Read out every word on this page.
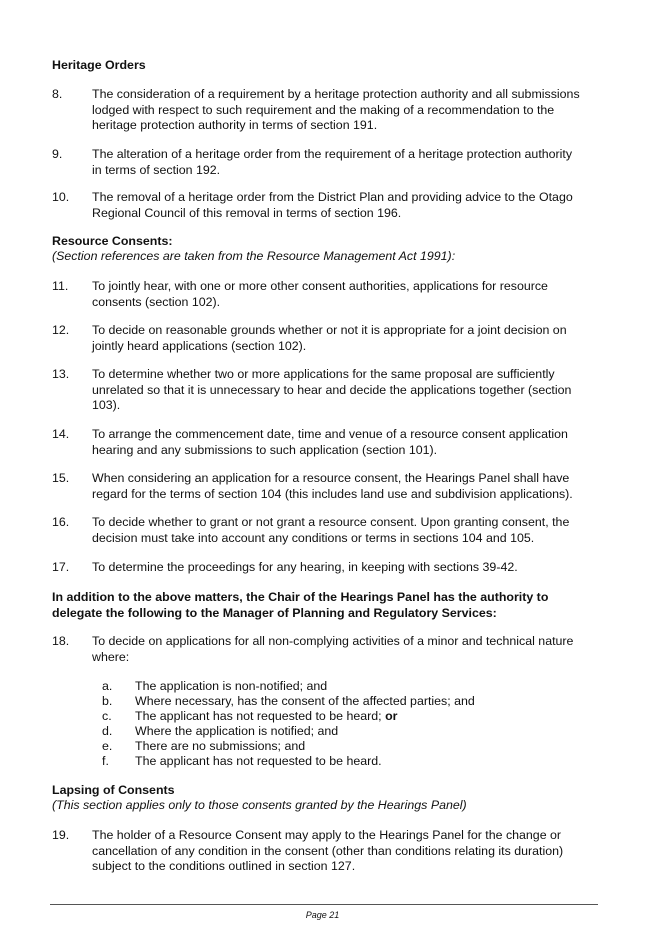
Heritage Orders
8. The consideration of a requirement by a heritage protection authority and all submissions
lodged with respect to such requirement and the making of a recommendation to the
heritage protection authority in terms of section 191.
9. The alteration of a heritage order from the requirement of a heritage protection authority
in terms of section 192.
10. The removal of a heritage order from the District Plan and providing advice to the Otago
Regional Council of this removal in terms of section 196.
Resource Consents:
(Section references are taken from the Resource Management Act 1991):
11. To jointly hear, with one or more other consent authorities, applications for resource
consents (section 102).
12. To decide on reasonable grounds whether or not it is appropriate for a joint decision on
jointly heard applications (section 102).
13. To determine whether two or more applications for the same proposal are sufficiently
unrelated so that it is unnecessary to hear and decide the applications together (section
103).
14. To arrange the commencement date, time and venue of a resource consent application
hearing and any submissions to such application (section 101).
15. When considering an application for a resource consent, the Hearings Panel shall have
regard for the terms of section 104 (this includes land use and subdivision applications).
16. To decide whether to grant or not grant a resource consent. Upon granting consent, the
decision must take into account any conditions or terms in sections 104 and 105.
17. To determine the proceedings for any hearing, in keeping with sections 39-42.
In addition to the above matters, the Chair of the Hearings Panel has the authority to
delegate the following to the Manager of Planning and Regulatory Services:
18. To decide on applications for all non-complying activities of a minor and technical nature
where:
a. The application is non-notified; and
b. Where necessary, has the consent of the affected parties; and
c. The applicant has not requested to be heard; or
d. Where the application is notified; and
e. There are no submissions; and
f. The applicant has not requested to be heard.
Lapsing of Consents
(This section applies only to those consents granted by the Hearings Panel)
19. The holder of a Resource Consent may apply to the Hearings Panel for the change or
cancellation of any condition in the consent (other than conditions relating its duration)
subject to the conditions outlined in section 127.
Page 21
